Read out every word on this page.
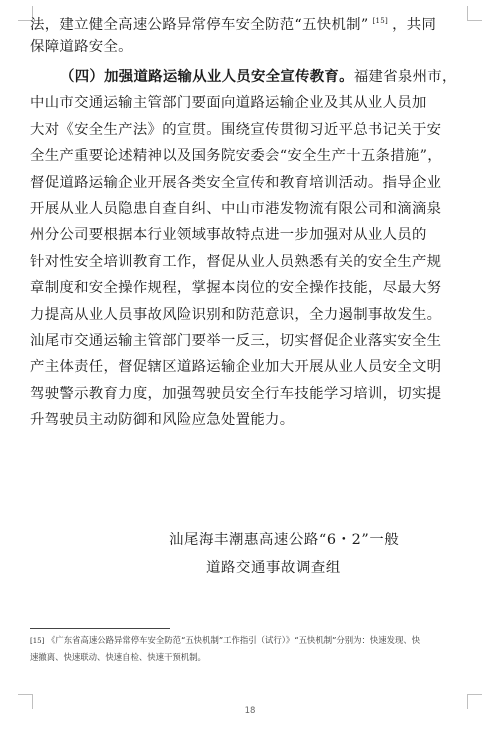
法，建立健全高速公路异常停车安全防范“五快机制” [15] ，共同
保障道路安全。
（四）加强道路运输从业人员安全宣传教育。福建省泉州市，
中山市交通运输主管部门要面向道路运输企业及其从业人员加
大对《安全生产法》的宣贯。围绕宣传贯彻习近平总书记关于安
全生产重要论述精神以及国务院安委会“安全生产十五条措施”，
督促道路运输企业开展各类安全宣传和教育培训活动。指导企业
开展从业人员隐患自查自纠、中山市港发物流有限公司和滴滴泉
州分公司要根据本行业领域事故特点进一步加强对从业人员的
针对性安全培训教育工作，督促从业人员熟悉有关的安全生产规
章制度和安全操作规程，掌握本岗位的安全操作技能，尽最大努
力提高从业人员事故风险识别和防范意识，全力遏制事故发生。
汕尾市交通运输主管部门要举一反三，切实督促企业落实安全生
产主体责任，督促辖区道路运输企业加大开展从业人员安全文明
驾驶警示教育力度，加强驾驶员安全行车技能学习培训，切实提
升驾驶员主动防御和风险应急处置能力。
汕尾海丰潮惠高速公路“6・2”一般
道路交通事故调查组
[15] 《广东省高速公路异常停车安全防范“五快机制”工作指引（试行）》“五快机制”分别为：快速发现、快
速撤离、快速联动、快速自检、快速干预机制。
18
